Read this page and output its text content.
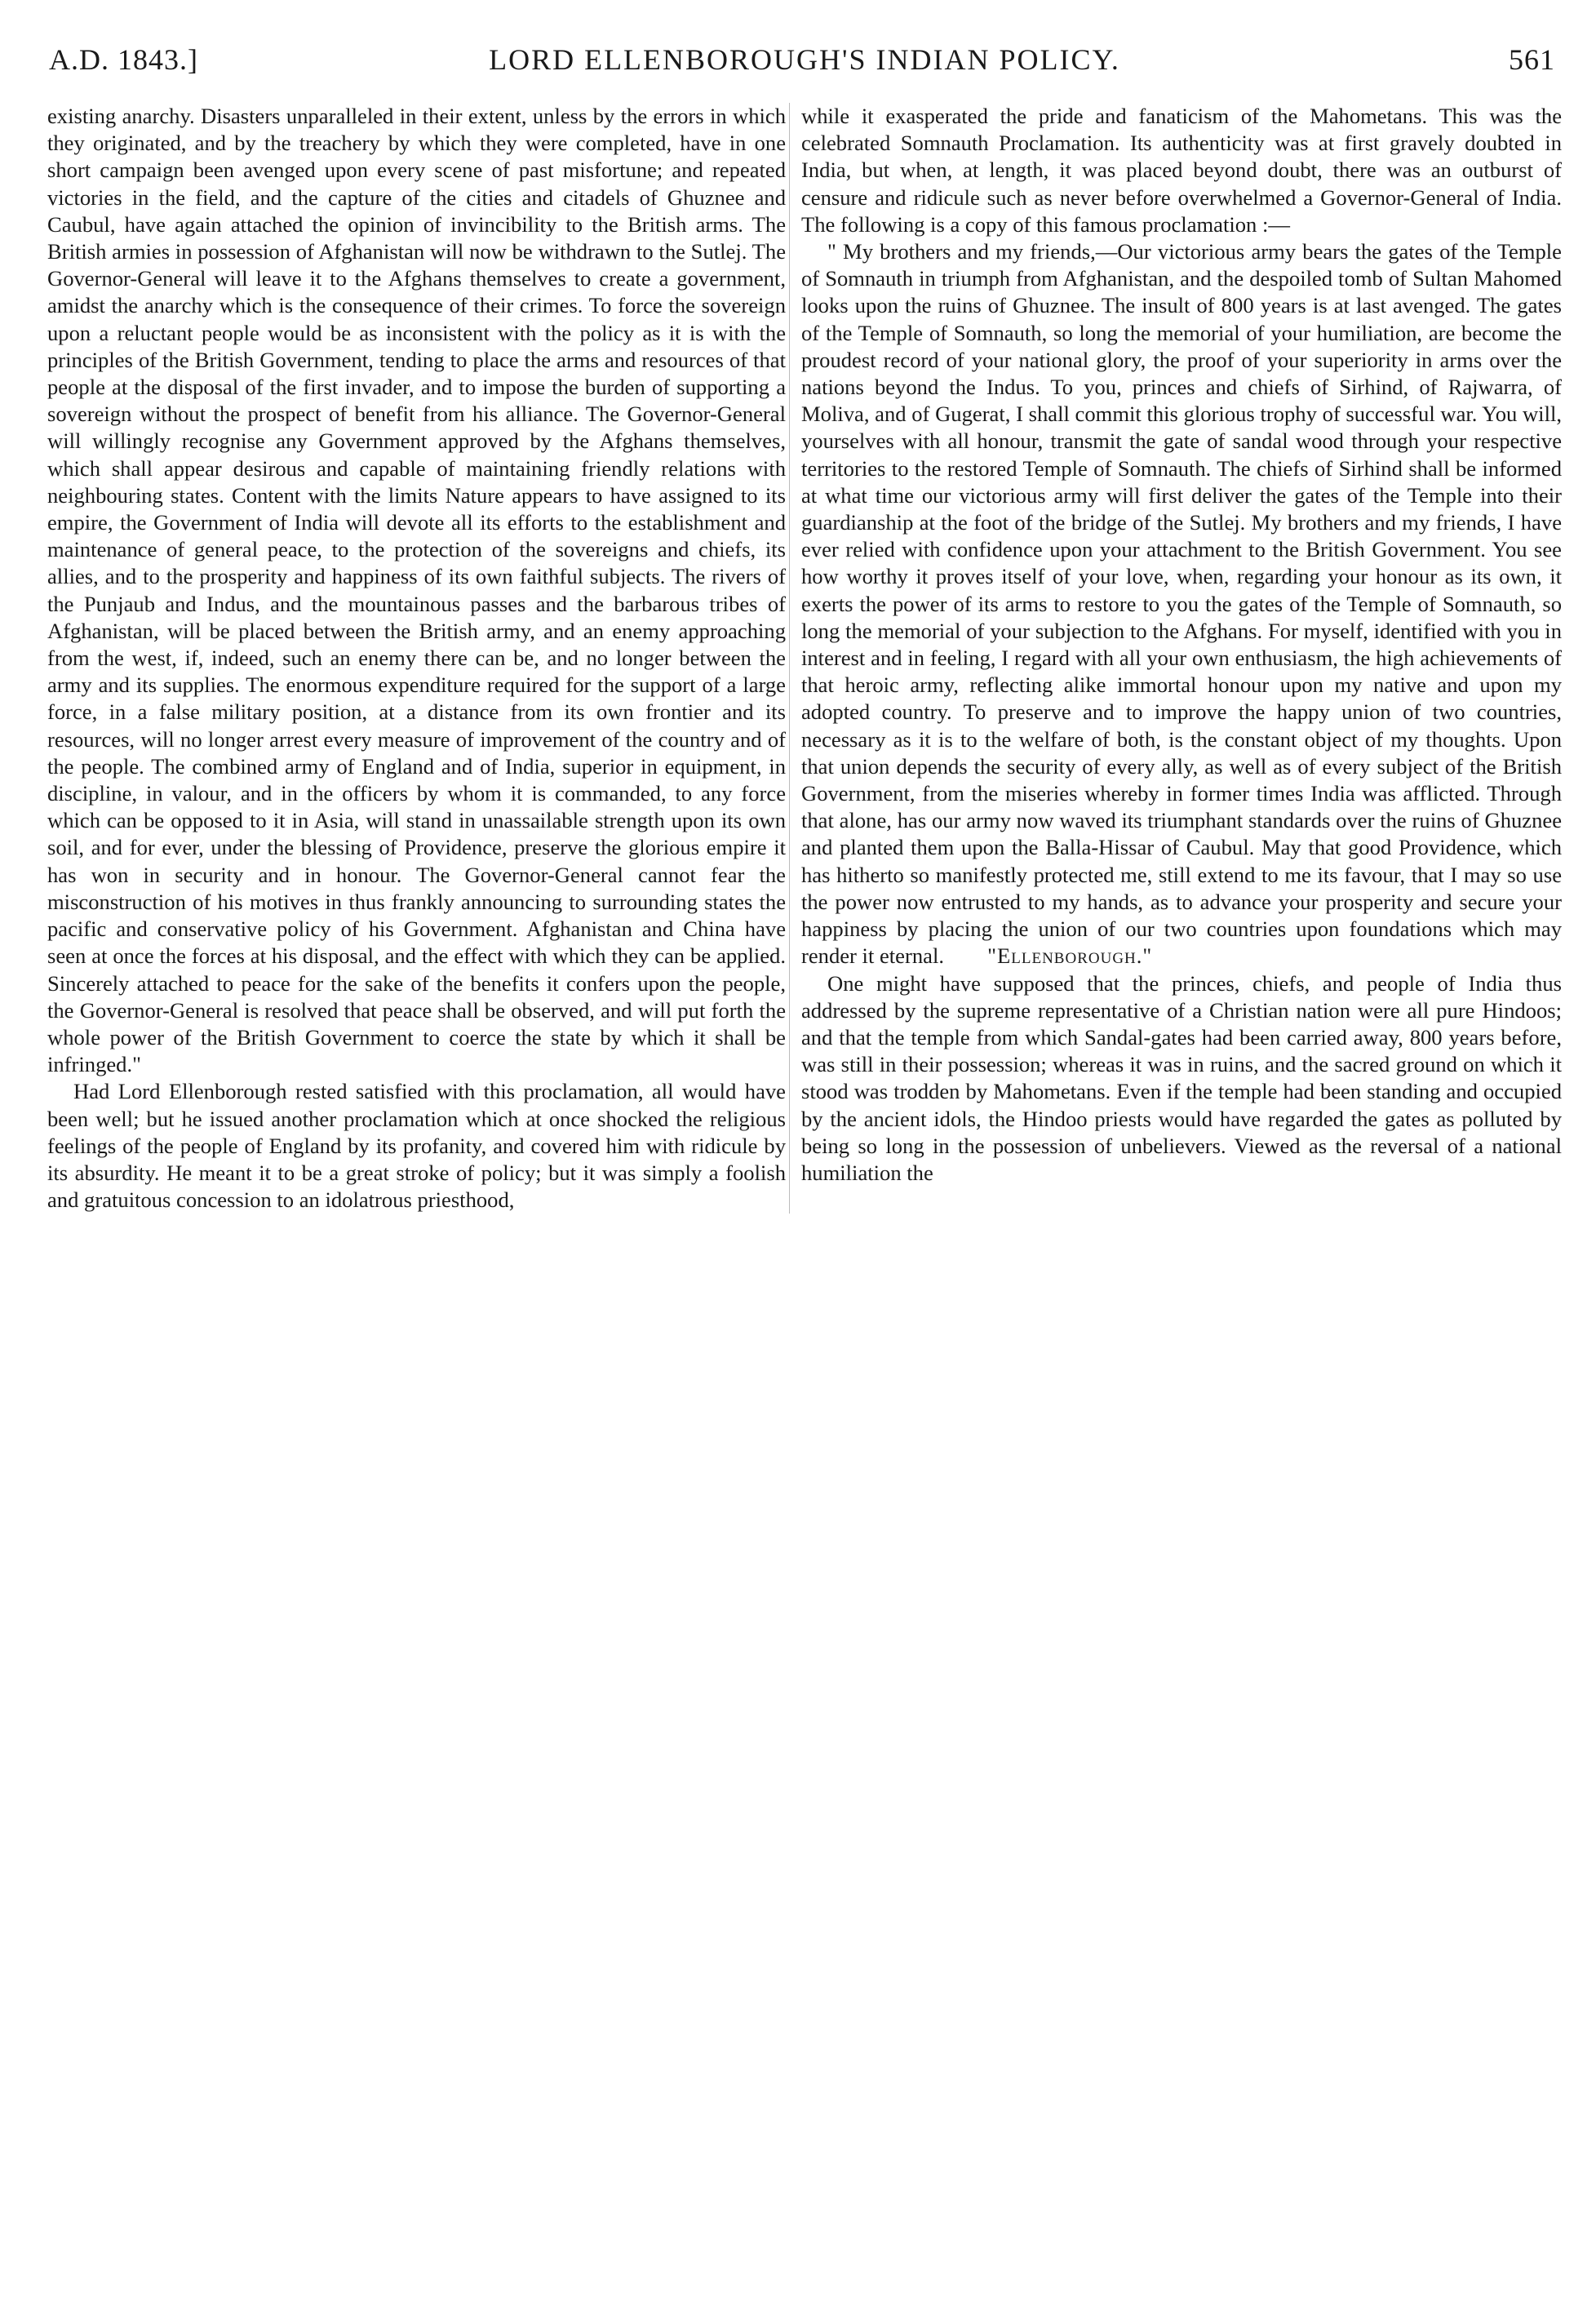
A.D. 1843.]	LORD ELLENBOROUGH'S INDIAN POLICY.	561

existing anarchy. Disasters unparalleled in their extent, unless by the errors in which they originated, and by the treachery by which they were completed, have in one short campaign been avenged upon every scene of past misfortune; and repeated victories in the field, and the capture of the cities and citadels of Ghuznee and Caubul, have again attached the opinion of invincibility to the British arms. The British armies in possession of Afghanistan will now be withdrawn to the Sutlej. The Governor-General will leave it to the Afghans themselves to create a government, amidst the anarchy which is the consequence of their crimes. To force the sovereign upon a reluctant people would be as inconsistent with the policy as it is with the principles of the British Government, tending to place the arms and resources of that people at the disposal of the first invader, and to impose the burden of supporting a sovereign without the prospect of benefit from his alliance. The Governor-General will willingly recognise any Government approved by the Afghans themselves, which shall appear desirous and capable of maintaining friendly relations with neighbouring states. Content with the limits Nature appears to have assigned to its empire, the Government of India will devote all its efforts to the establishment and maintenance of general peace, to the protection of the sovereigns and chiefs, its allies, and to the prosperity and happiness of its own faithful subjects. The rivers of the Punjaub and Indus, and the mountainous passes and the barbarous tribes of Afghanistan, will be placed between the British army, and an enemy approaching from the west, if, indeed, such an enemy there can be, and no longer between the army and its supplies. The enormous expenditure required for the support of a large force, in a false military position, at a distance from its own frontier and its resources, will no longer arrest every measure of improvement of the country and of the people. The combined army of England and of India, superior in equipment, in discipline, in valour, and in the officers by whom it is commanded, to any force which can be opposed to it in Asia, will stand in unassailable strength upon its own soil, and for ever, under the blessing of Providence, preserve the glorious empire it has won in security and in honour. The Governor-General cannot fear the misconstruction of his motives in thus frankly announcing to surrounding states the pacific and conservative policy of his Government. Afghanistan and China have seen at once the forces at his disposal, and the effect with which they can be applied. Sincerely attached to peace for the sake of the benefits it confers upon the people, the Governor-General is resolved that peace shall be observed, and will put forth the whole power of the British Government to coerce the state by which it shall be infringed."

Had Lord Ellenborough rested satisfied with this proclamation, all would have been well; but he issued another proclamation which at once shocked the religious feelings of the people of England by its profanity, and covered him with ridicule by its absurdity. He meant it to be a great stroke of policy; but it was simply a foolish and gratuitous concession to an idolatrous priesthood,

while it exasperated the pride and fanaticism of the Mahometans. This was the celebrated Somnauth Proclamation. Its authenticity was at first gravely doubted in India, but when, at length, it was placed beyond doubt, there was an outburst of censure and ridicule such as never before overwhelmed a Governor-General of India. The following is a copy of this famous proclamation :—

" My brothers and my friends,—Our victorious army bears the gates of the Temple of Somnauth in triumph from Afghanistan, and the despoiled tomb of Sultan Mahomed looks upon the ruins of Ghuznee. The insult of 800 years is at last avenged. The gates of the Temple of Somnauth, so long the memorial of your humiliation, are become the proudest record of your national glory, the proof of your superiority in arms over the nations beyond the Indus. To you, princes and chiefs of Sirhind, of Rajwarra, of Moliva, and of Gugerat, I shall commit this glorious trophy of successful war. You will, yourselves with all honour, transmit the gate of sandal wood through your respective territories to the restored Temple of Somnauth. The chiefs of Sirhind shall be informed at what time our victorious army will first deliver the gates of the Temple into their guardianship at the foot of the bridge of the Sutlej. My brothers and my friends, I have ever relied with confidence upon your attachment to the British Government. You see how worthy it proves itself of your love, when, regarding your honour as its own, it exerts the power of its arms to restore to you the gates of the Temple of Somnauth, so long the memorial of your subjection to the Afghans. For myself, identified with you in interest and in feeling, I regard with all your own enthusiasm, the high achievements of that heroic army, reflecting alike immortal honour upon my native and upon my adopted country. To preserve and to improve the happy union of two countries, necessary as it is to the welfare of both, is the constant object of my thoughts. Upon that union depends the security of every ally, as well as of every subject of the British Government, from the miseries whereby in former times India was afflicted. Through that alone, has our army now waved its triumphant standards over the ruins of Ghuznee and planted them upon the Balla-Hissar of Caubul. May that good Providence, which has hitherto so manifestly protected me, still extend to me its favour, that I may so use the power now entrusted to my hands, as to advance your prosperity and secure your happiness by placing the union of our two countries upon foundations which may render it eternal. "Ellenborough."

One might have supposed that the princes, chiefs, and people of India thus addressed by the supreme representative of a Christian nation were all pure Hindoos; and that the temple from which Sandal-gates had been carried away, 800 years before, was still in their possession; whereas it was in ruins, and the sacred ground on which it stood was trodden by Mahometans. Even if the temple had been standing and occupied by the ancient idols, the Hindoo priests would have regarded the gates as polluted by being so long in the possession of unbelievers. Viewed as the reversal of a national humiliation the
